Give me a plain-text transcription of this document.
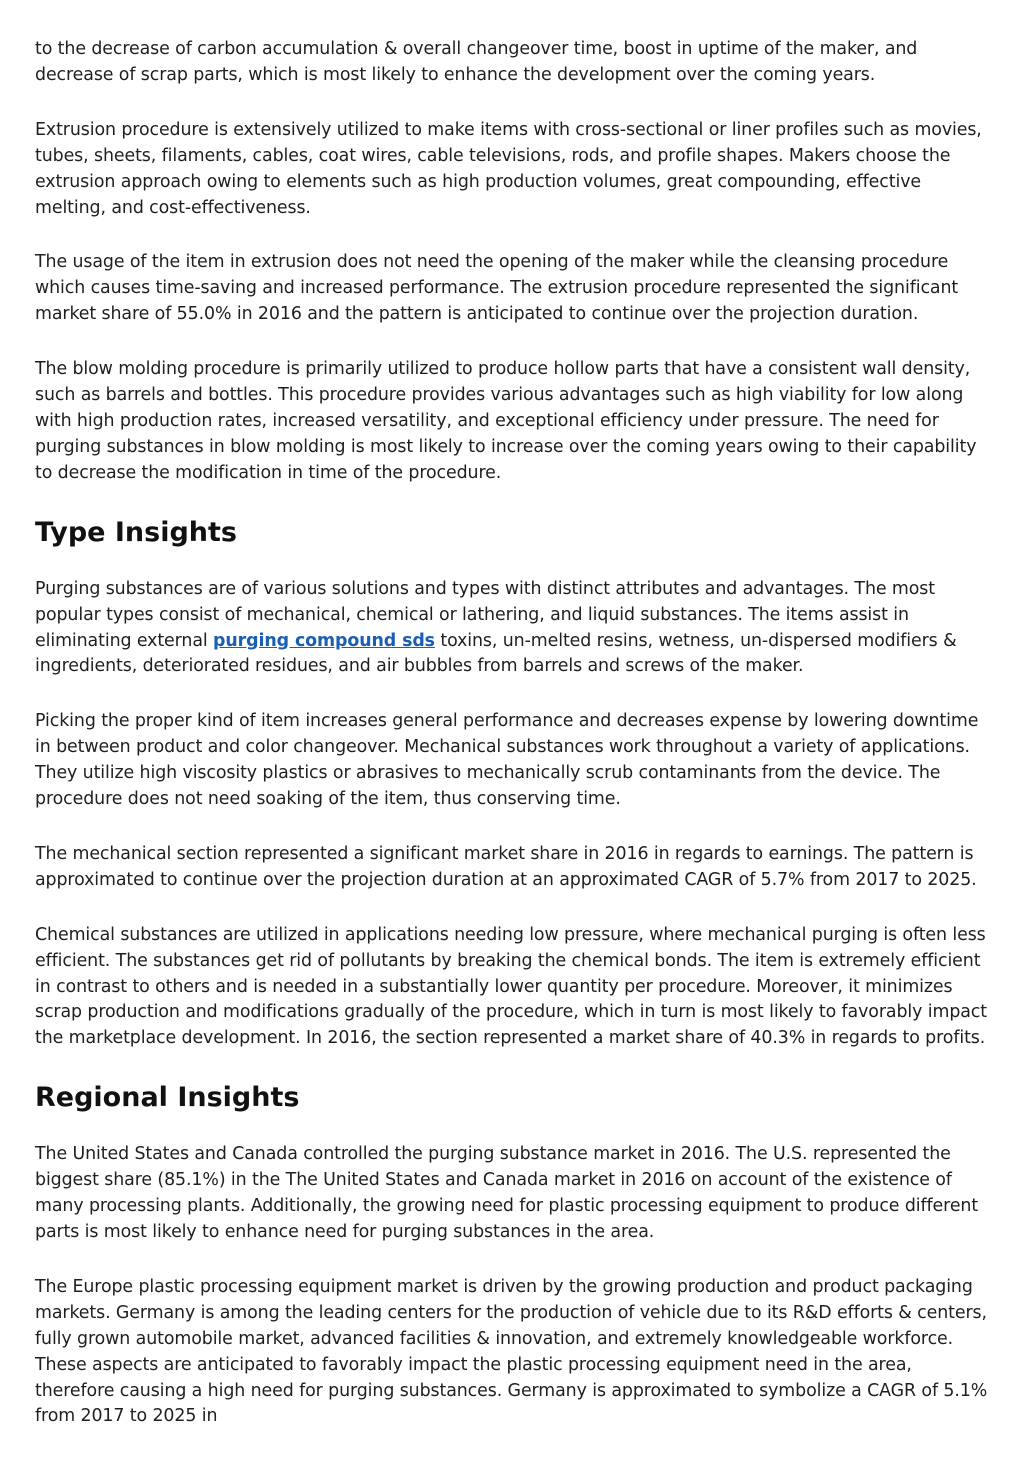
to the decrease of carbon accumulation & overall changeover time, boost in uptime of the maker, and decrease of scrap parts, which is most likely to enhance the development over the coming years.

Extrusion procedure is extensively utilized to make items with cross-sectional or liner profiles such as movies, tubes, sheets, filaments, cables, coat wires, cable televisions, rods, and profile shapes. Makers choose the extrusion approach owing to elements such as high production volumes, great compounding, effective melting, and cost-effectiveness.

The usage of the item in extrusion does not need the opening of the maker while the cleansing procedure which causes time-saving and increased performance. The extrusion procedure represented the significant market share of 55.0% in 2016 and the pattern is anticipated to continue over the projection duration.

The blow molding procedure is primarily utilized to produce hollow parts that have a consistent wall density, such as barrels and bottles. This procedure provides various advantages such as high viability for low along with high production rates, increased versatility, and exceptional efficiency under pressure. The need for purging substances in blow molding is most likely to increase over the coming years owing to their capability to decrease the modification in time of the procedure.

Type Insights

Purging substances are of various solutions and types with distinct attributes and advantages. The most popular types consist of mechanical, chemical or lathering, and liquid substances. The items assist in eliminating external purging compound sds toxins, un-melted resins, wetness, un-dispersed modifiers & ingredients, deteriorated residues, and air bubbles from barrels and screws of the maker.

Picking the proper kind of item increases general performance and decreases expense by lowering downtime in between product and color changeover. Mechanical substances work throughout a variety of applications. They utilize high viscosity plastics or abrasives to mechanically scrub contaminants from the device. The procedure does not need soaking of the item, thus conserving time.

The mechanical section represented a significant market share in 2016 in regards to earnings. The pattern is approximated to continue over the projection duration at an approximated CAGR of 5.7% from 2017 to 2025.

Chemical substances are utilized in applications needing low pressure, where mechanical purging is often less efficient. The substances get rid of pollutants by breaking the chemical bonds. The item is extremely efficient in contrast to others and is needed in a substantially lower quantity per procedure. Moreover, it minimizes scrap production and modifications gradually of the procedure, which in turn is most likely to favorably impact the marketplace development. In 2016, the section represented a market share of 40.3% in regards to profits.

Regional Insights

The United States and Canada controlled the purging substance market in 2016. The U.S. represented the biggest share (85.1%) in the The United States and Canada market in 2016 on account of the existence of many processing plants. Additionally, the growing need for plastic processing equipment to produce different parts is most likely to enhance need for purging substances in the area.

The Europe plastic processing equipment market is driven by the growing production and product packaging markets. Germany is among the leading centers for the production of vehicle due to its R&D efforts & centers, fully grown automobile market, advanced facilities & innovation, and extremely knowledgeable workforce. These aspects are anticipated to favorably impact the plastic processing equipment need in the area, therefore causing a high need for purging substances. Germany is approximated to symbolize a CAGR of 5.1% from 2017 to 2025 in
